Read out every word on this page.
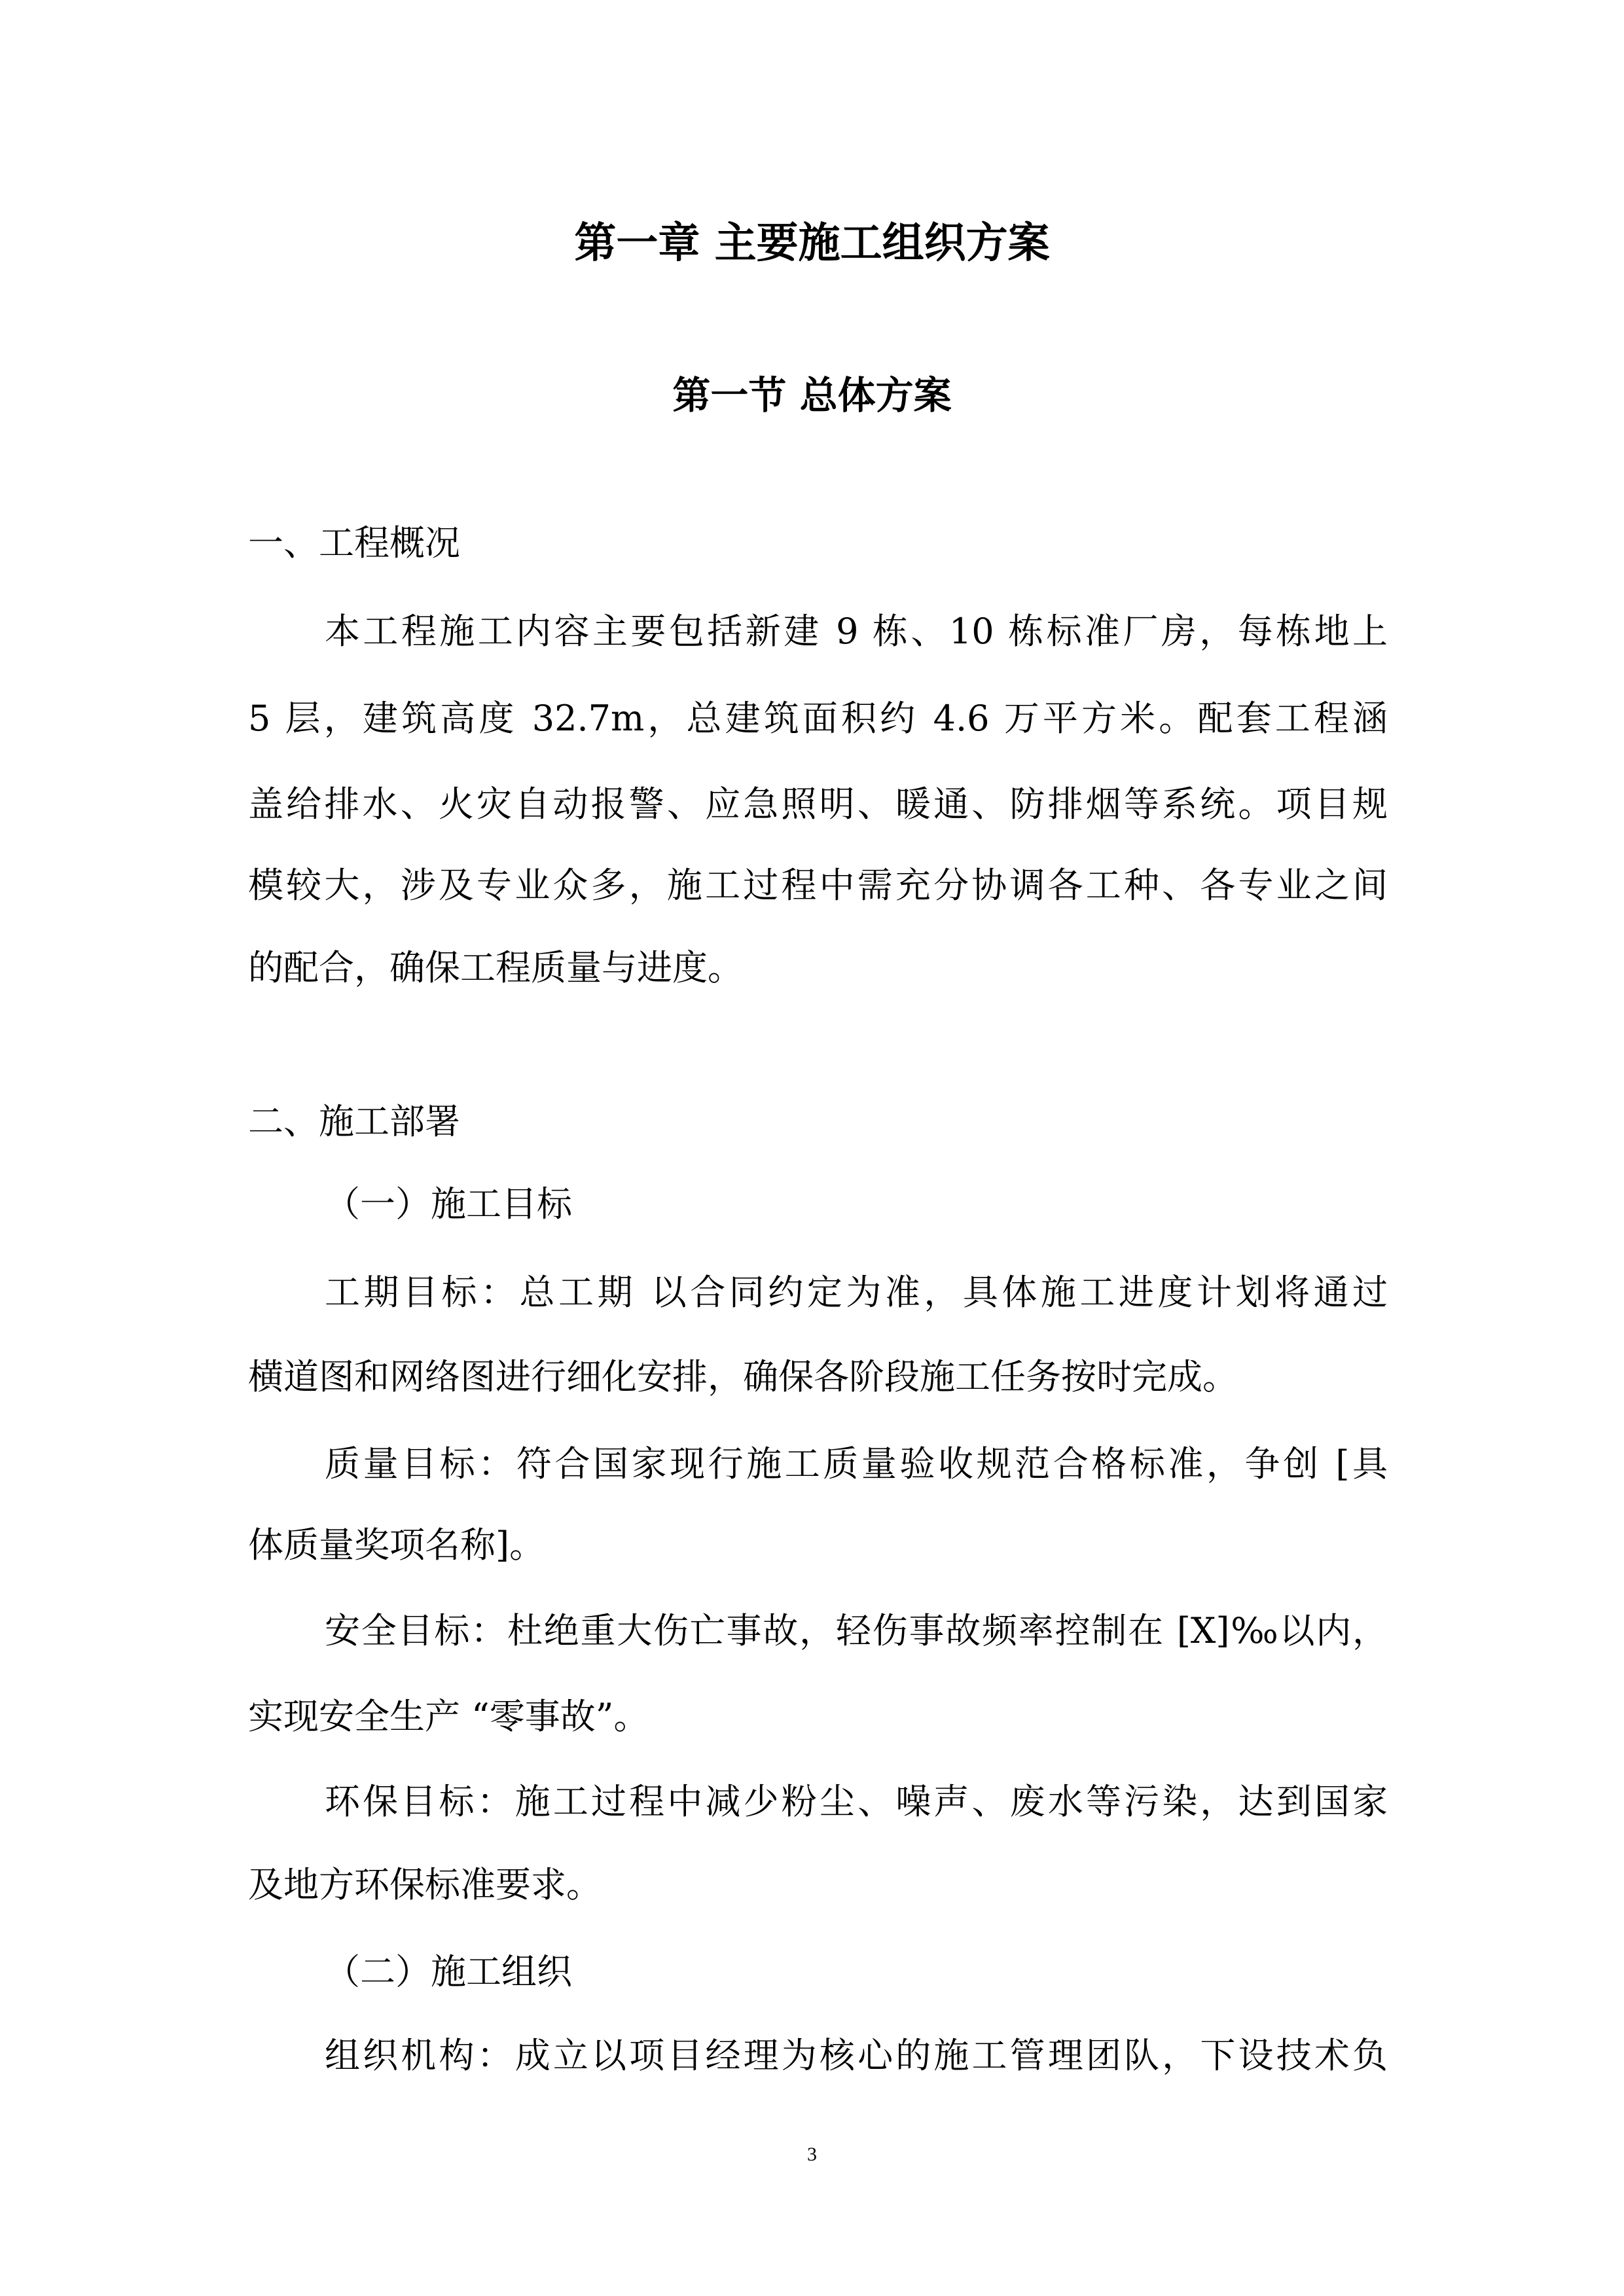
第一章 主要施工组织方案
第一节 总体方案
一、工程概况
本工程施工内容主要包括新建 9 栋、10 栋标准厂房，每栋地上
5 层，建筑高度 32.7m，总建筑面积约 4.6 万平方米。配套工程涵
盖给排水、火灾自动报警、应急照明、暖通、防排烟等系统。项目规
模较大，涉及专业众多，施工过程中需充分协调各工种、各专业之间
的配合，确保工程质量与进度。
二、施工部署
（一）施工目标
工期目标：总工期 以合同约定为准，具体施工进度计划将通过
横道图和网络图进行细化安排，确保各阶段施工任务按时完成。
质量目标：符合国家现行施工质量验收规范合格标准，争创 [具
体质量奖项名称]。
安全目标：杜绝重大伤亡事故，轻伤事故频率控制在 [X]‰以内，
实现安全生产 “零事故”。
环保目标：施工过程中减少粉尘、噪声、废水等污染，达到国家
及地方环保标准要求。
（二）施工组织
组织机构：成立以项目经理为核心的施工管理团队，下设技术负
3
